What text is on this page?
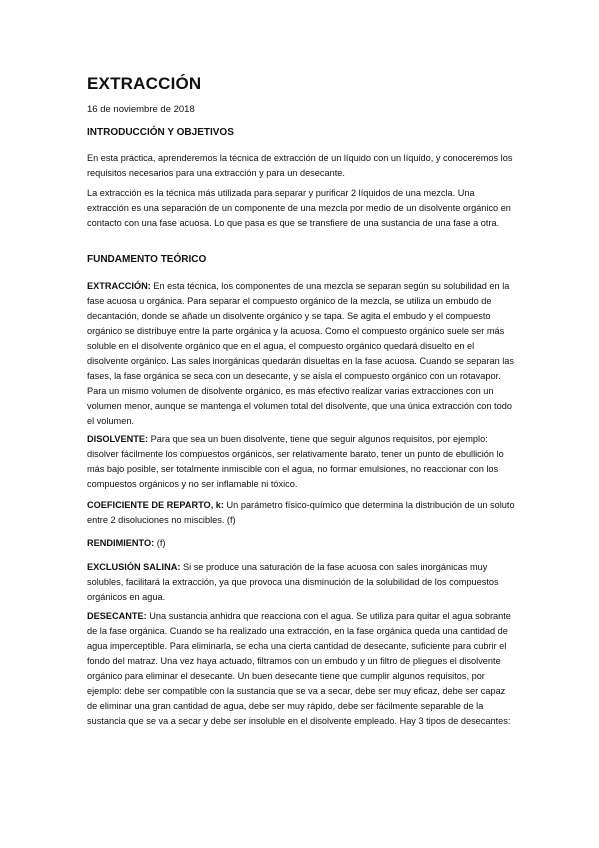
EXTRACCIÓN
16 de noviembre de 2018
INTRODUCCIÓN Y OBJETIVOS

En esta práctica, aprenderemos la técnica de extracción de un líquido con un líquido, y conoceremos los requisitos necesarios para una extracción y para un desecante.

La extracción es la técnica más utilizada para separar y purificar 2 líquidos de una mezcla. Una extracción es una separación de un componente de una mezcla por medio de un disolvente orgánico en contacto con una fase acuosa. Lo que pasa es que se transfiere de una sustancia de una fase a otra.

FUNDAMENTO TEÓRICO

EXTRACCIÓN: En esta técnica, los componentes de una mezcla se separan según su solubilidad en la fase acuosa u orgánica. Para separar el compuesto orgánico de la mezcla, se utiliza un embudo de decantación, donde se añade un disolvente orgánico y se tapa. Se agita el embudo y el compuesto orgánico se distribuye entre la parte orgánica y la acuosa. Como el compuesto orgánico suele ser más soluble en el disolvente orgánico que en el agua, el compuesto orgánico quedará disuelto en el disolvente orgánico. Las sales inorgánicas quedarán disueltas en la fase acuosa. Cuando se separan las fases, la fase orgánica se seca con un desecante, y se aísla el compuesto orgánico con un rotavapor. Para un mismo volumen de disolvente orgánico, es más efectivo realizar varias extracciones con un volumen menor, aunque se mantenga el volumen total del disolvente, que una única extracción con todo el volumen.

DISOLVENTE: Para que sea un buen disolvente, tiene que seguir algunos requisitos, por ejemplo: disolver fácilmente los compuestos orgánicos, ser relativamente barato, tener un punto de ebullición lo más bajo posible, ser totalmente inmiscible con el agua, no formar emulsiones, no reaccionar con los compuestos orgánicos y no ser inflamable ni tóxico.

COEFICIENTE DE REPARTO, k: Un parámetro físico-químico que determina la distribución de un soluto entre 2 disoluciones no miscibles. (f)

RENDIMIENTO: (f)

EXCLUSIÓN SALINA: Si se produce una saturación de la fase acuosa con sales inorgánicas muy solubles, facilitará la extracción, ya que provoca una disminución de la solubilidad de los compuestos orgánicos en agua.

DESECANTE: Una sustancia anhidra que reacciona con el agua. Se utiliza para quitar el agua sobrante de la fase orgánica. Cuando se ha realizado una extracción, en la fase orgánica queda una cantidad de agua imperceptible. Para eliminarla, se echa una cierta cantidad de desecante, suficiente para cubrir el fondo del matraz. Una vez haya actuado, filtramos con un embudo y un filtro de pliegues el disolvente orgánico para eliminar el desecante. Un buen desecante tiene que cumplir algunos requisitos, por ejemplo: debe ser compatible con la sustancia que se va a secar, debe ser muy eficaz, debe ser capaz de eliminar una gran cantidad de agua, debe ser muy rápido, debe ser fácilmente separable de la sustancia que se va a secar y debe ser insoluble en el disolvente empleado. Hay 3 tipos de desecantes:
